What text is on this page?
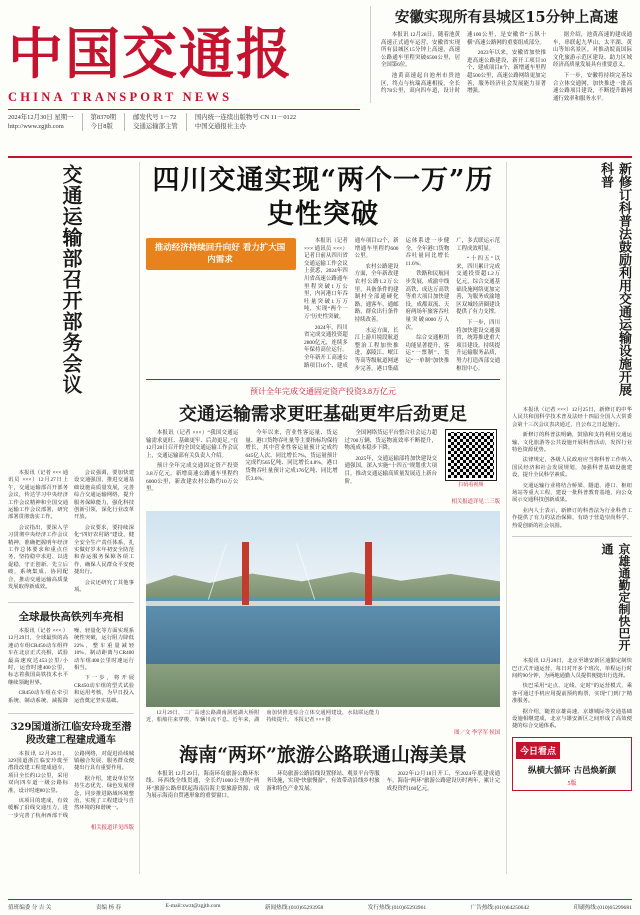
中国交通报
CHINA TRANSPORT NEWS
2024年12月30日 星期一
http://www.zgjtb.com
第8370期
今日8版
邮发代号 1－72
交通运输部主管
国内统一连续出版物号 CN 11－0122
中国交通报社主办
安徽实现所有县城区15分钟上高速

本报讯 12月28日，随着池黄高速正式通车运营，安徽省实现所有县城区15分钟上高速，高速公路通车里程突破6500公里，居全国第6位。

池黄高速起自池州市贵池区，终点与杭瑞高速相接，全长约78公里，双向四车道，设计时速100公里，是安徽省“五纵十横”高速公路网的重要组成部分。

2023年以来，安徽省加快推进高速公路建设，新开工项目10个、建成项目8个，新增通车里程超500公里，高速公路网络更加完善，服务经济社会发展能力显著增强。

据介绍，池黄高速的建成通车，串联起九华山、太平湖、黄山等知名景区，对推动皖南国际文化旅游示范区建设、助力区域经济高质量发展具有重要意义。

下一步，安徽将持续完善综合立体交通网，加快推进一批高速公路项目建设，不断提升路网通行效率和服务水平。

交通运输部召开部务会议

本报讯（记者 ××× 通讯员 ×××）12月27日上午，交通运输部召开部务会议，传达学习中央经济工作会议精神和全国交通运输工作会议部署，研究部署贯彻落实工作。

会议指出，要深入学习贯彻中央经济工作会议精神，准确把握明年经济工作总体要求和重点任务，坚持稳中求进、以进促稳，守正创新、先立后破，系统集成、协同配合，推动交通运输高质量发展取得新成效。

会议强调，要加快建设交通强国，推进交通基础设施高质量发展，完善综合交通运输网络，提升服务保障能力，强化科技创新引领，深化行业改革开放。

会议要求，要持续深化“四好农村路”建设，健全安全生产责任体系，扎实做好岁末年初安全防范和春运服务保障各项工作，确保人民群众平安便捷出行。

会议还研究了其他事项。

全球最快高铁列车亮相

本报讯（记者 ××× ）12月29日，全球最快的高速动车组CR450动车组样车在北京正式亮相，试验最高速度达453公里/小时，运营时速400公里，标志着我国高铁技术水平继续领跑世界。

CR450动车组在牵引系统、制动系统、减振降噪、轻量化等方面实现系统性突破，运行阻力降低22%、整车重量减轻10%、制动距离与CR400动车组400公里时速运行相当。

下一步，将开展CR450动车组的型式试验和运用考核，为早日投入运营奠定坚实基础。

329国道浙江临安玲珑至潜段改建工程建成通车

本报讯 12月26日，329国道浙江临安玲珑至潜段改建工程建成通车，项目全长约12公里，采用双向四车道一级公路标准，设计时速80公里。

该项目的建成，有效缓解了沿线交通压力，进一步完善了杭州西部干线公路网络，对促进沿线城镇融合发展、服务群众便捷出行具有重要作用。

据介绍，建设单位坚持生态优先、绿色发展理念，同步推进路域环境整治，实现了工程建设与自然环境的和谐统一。

相关报道详见四版
四川交通实现“两个一万”历史性突破
推动经济持续回升向好 看力扩大国内需求

本报讯（记者 ××× 通讯员 ×××）记者日前从四川省交通运输工作会议上获悉，2024年四川省高速公路通车里程突破1万公里，内河港口年吞吐量突破1万万吨，实现“两个一万”历史性突破。

2024年，四川省完成交通投资超2800亿元，连续多年保持高位运行。全年新开工高速公路项目16个、建成通车项目12个，新增通车里程约600公里。

农村公路建设方面，全年新改建农村公路1.2万公里，具备条件的建制村全部通硬化路、通客车、通邮路，群众出行条件持续改善。

水运方面，长江上游川境段航道整治工程加快推进，嘉陵江、岷江等高等级航道网逐步完善，港口集疏运体系进一步健全，全年港口货物吞吐量同比增长11.6%。

铁路和民航同步发展，成渝中线高铁、成达万高铁等重大项目加快建设，成都双流、天府两场年旅客吞吐量突破8000万人次。

综合交通枢纽功能显著提升，客运“一票制”、货运“一单制”加快推广，多式联运示范工程成效明显。

“十四五”以来，四川累计完成交通投资超1.2万亿元，综合交通基础设施网络更加完善，为服务成渝地区双城经济圈建设提供了有力支撑。

下一步，四川将加快建设交通强省，统筹推进重大项目建设，持续提升运输服务品质，努力打造西部交通枢纽中心。

预计全年完成交通固定资产投资3.8万亿元
交通运输需求更旺基础更牢后劲更足
扫码看视频

本报讯（记者 ×××）“我国交通运输需求更旺、基础更牢、后劲更足。”在12月28日召开的全国交通运输工作会议上，交通运输部有关负责人介绍。

预计全年完成交通固定资产投资3.8万亿元，新增高速公路通车里程约6000公里，新改建农村公路约10万公里。

今年以来，营业性客运量、货运量、港口货物吞吐量等主要指标均保持增长，其中营业性客运量预计完成约645亿人次、同比增长7%，货运量预计完成约565亿吨、同比增长4.8%，港口货物吞吐量预计完成176亿吨、同比增长3.6%。

全国网络货运平台整合社会运力超过700万辆，货运物流效率不断提升，物流成本稳步下降。

2025年，交通运输部将加快建设交通强国，深入实施“十四五”规划重大项目，推动交通运输高质量发展迈上新台阶。

相关报道详见二三版

12月29日，二广高速公路湖南洞庭湖大桥附近，船舶往来穿梭，车辆川流不息。近年来，湖南加快推进综合立体交通网建设，水陆联运能力持续提升。 本报记者 ××× 摄

图／文 李学军 侯国
海南“两环”旅游公路联通山海美景

本报讯 12月29日，海南环岛旅游公路环东线、环西线全线贯通，全长约1000公里的“两环”旅游公路串联起海南沿海主要旅游资源，成为展示海南自贸港形象的重要窗口。

环岛旅游公路沿线设置驿站、观景平台等服务设施，实现“快旅慢游”，有效带动沿线乡村旅游和特色产业发展。

2022年12月18日开工，至2024年底建成通车，海南“两环”旅游公路建设历时两年，累计完成投资约160亿元。

新修订科普法鼓励利用交通运输设施开展科普

本报讯（记者 ×××）12月25日，新修订的中华人民共和国科学技术普及法经十四届全国人大常委会第十三次会议表决通过，自公布之日起施行。

新修订的科普法明确，鼓励和支持利用交通运输、文化旅游等公共设施开展科普活动，发挥行业特色资源优势。

法律规定，各级人民政府应当将科普工作纳入国民经济和社会发展规划，加强科普基础设施建设，提升全民科学素质。

交通运输行业将结合桥梁、隧道、港口、枢纽场站等重大工程，建设一批科普教育基地，向公众展示交通科技创新成果。

业内人士表示，新修订的科普法为行业科普工作提供了有力的法治保障，有助于营造崇尚科学、热爱创新的社会氛围。

京雄通勤定制快巴开通

本报讯 12月28日，北京至雄安新区通勤定制快巴正式开通运营，每日对开多个班次，单程运行时间约90分钟，为两地通勤人员提供便捷出行选择。

快巴采用“定点、定线、定时”的运营模式，乘客可通过手机应用提前预约购票，实现“门到门”精准服务。

据介绍，随着京雄高速、京雄城际等交通基础设施相继建成，北京与雄安新区之间形成了高效便捷的综合交通体系。

今日看点
纵横大循环 古邑焕新颜
5版
值班编委 分 吉 关	责编 杨 春	E-mail:xwzt@zgjtb.com	新闻热线:(010)65293958	发行热线:(010)65293961	广告热线:(010)64250642	印刷热线:(010)65299681
